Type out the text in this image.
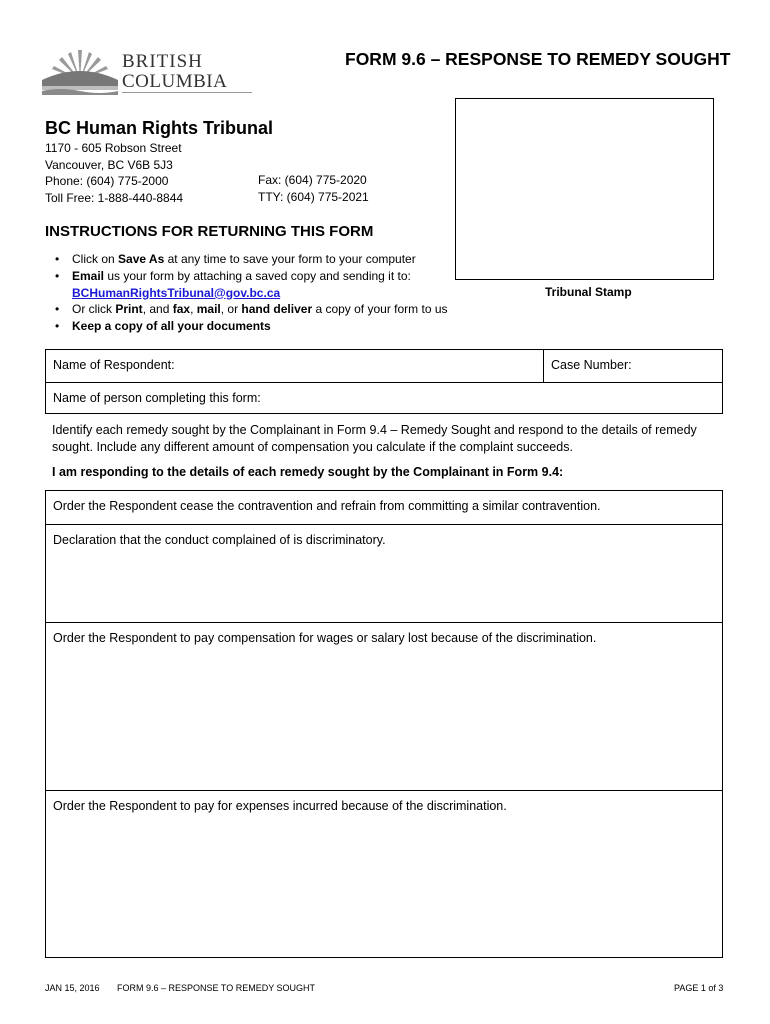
BRITISH
COLUMBIA
FORM 9.6 – RESPONSE TO REMEDY SOUGHT
Tribunal Stamp
BC Human Rights Tribunal
1170 - 605 Robson Street
Vancouver, BC V6B 5J3
Phone: (604) 775-2000
Toll Free: 1-888-440-8844
Fax: (604) 775-2020
TTY: (604) 775-2021
INSTRUCTIONS FOR RETURNING THIS FORM
• Click on Save As at any time to save your form to your computer
• Email us your form by attaching a saved copy and sending it to:
BCHumanRightsTribunal@gov.bc.ca
• Or click Print, and fax, mail, or hand deliver a copy of your form to us
• Keep a copy of all your documents
Name of Respondent:	Case Number:
Name of person completing this form:
Identify each remedy sought by the Complainant in Form 9.4 – Remedy Sought and respond to the details of remedy sought. Include any different amount of compensation you calculate if the complaint succeeds.
I am responding to the details of each remedy sought by the Complainant in Form 9.4:
Order the Respondent cease the contravention and refrain from committing a similar contravention.
Declaration that the conduct complained of is discriminatory.
Order the Respondent to pay compensation for wages or salary lost because of the discrimination.
Order the Respondent to pay for expenses incurred because of the discrimination.
JAN 15, 2016 FORM 9.6 – RESPONSE TO REMEDY SOUGHT	PAGE 1 of 3
